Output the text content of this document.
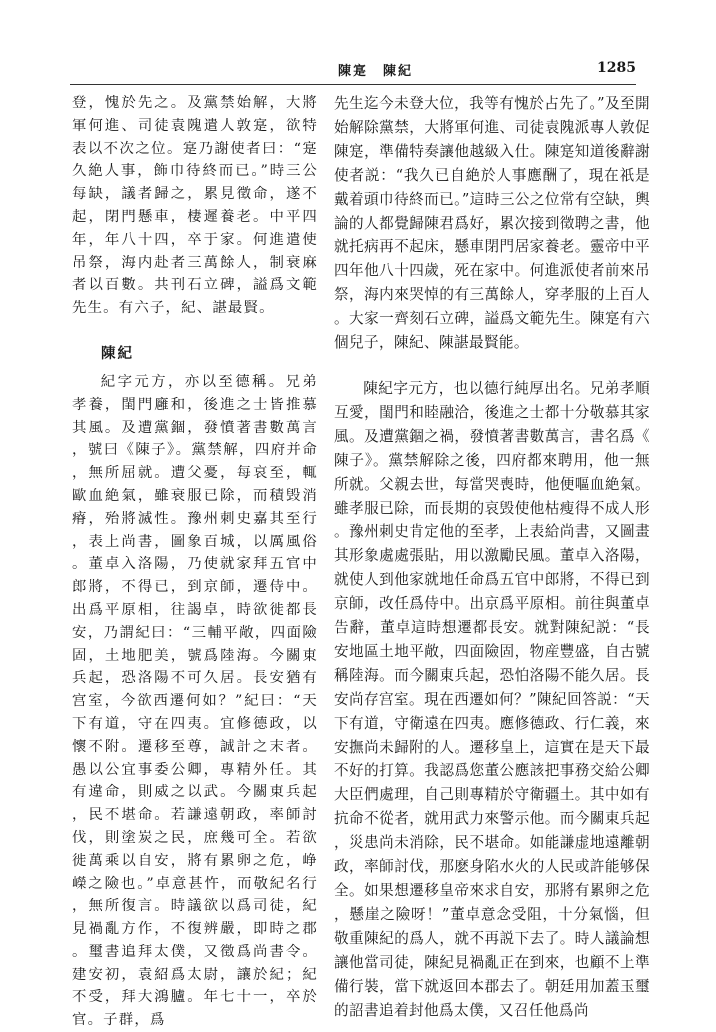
陳寔　陳紀	1285

登，愧於先之。及黨禁始解，大將軍何進、司徒袁隗遣人敦寔，欲特表以不次之位。寔乃謝使者曰：“寔久絶人事，飾巾待終而已。”時三公每缺，議者歸之，累見徵命，遂不起，閉門懸車，棲遲養老。中平四年，年八十四，卒于家。何進遣使吊祭，海内赴者三萬餘人，制衰麻者以百數。共刊石立碑，謚爲文範先生。有六子，紀、諶最賢。

陳紀

紀字元方，亦以至德稱。兄弟孝養，閨門廱和，後進之士皆推慕其風。及遭黨錮，發憤著書數萬言，號曰《陳子》。黨禁解，四府并命，無所屈就。遭父憂，每哀至，輒歐血絶氣，雖衰服已除，而積毁消瘠，殆將滅性。豫州刺史嘉其至行，表上尚書，圖象百城，以厲風俗。董卓入洛陽，乃使就家拜五官中郎將，不得已，到京師，遷侍中。出爲平原相，往謁卓，時欲徙都長安，乃謂紀曰：“三輔平敞，四面險固，土地肥美，號爲陸海。今關東兵起，恐洛陽不可久居。長安猶有宫室，今欲西遷何如？”紀曰：“天下有道，守在四夷。宜修德政，以懷不附。遷移至尊，誠計之末者。愚以公宜事委公卿，專精外任。其有違命，則威之以武。今關東兵起，民不堪命。若謙遠朝政，率師討伐，則塗炭之民，庶幾可全。若欲徙萬乘以自安，將有累卵之危，峥嶸之險也。”卓意甚忤，而敬紀名行，無所復言。時議欲以爲司徒，紀見禍亂方作，不復辨嚴，即時之郡。璽書追拜太僕，又徵爲尚書令。建安初，袁紹爲太尉，讓於紀；紀不受，拜大鴻臚。年七十一，卒於官。子群，爲

先生迄今未登大位，我等有愧於占先了。”及至開始解除黨禁，大將軍何進、司徒袁隗派專人敦促陳寔，準備特奏讓他越級入仕。陳寔知道後辭謝使者説：“我久已自絶於人事應酬了，現在祇是戴着頭巾待終而已。”這時三公之位常有空缺，輿論的人都覺歸陳君爲好，累次接到徵聘之書，他就托病再不起床，懸車閉門居家養老。靈帝中平四年他八十四歲，死在家中。何進派使者前來吊祭，海内來哭悼的有三萬餘人，穿孝服的上百人。大家一齊刻石立碑，謚爲文範先生。陳寔有六個兒子，陳紀、陳諶最賢能。

陳紀字元方，也以德行純厚出名。兄弟孝順互愛，閨門和睦融洽，後進之士都十分敬慕其家風。及遭黨錮之禍，發憤著書數萬言，書名爲《陳子》。黨禁解除之後，四府都來聘用，他一無所就。父親去世，每當哭喪時，他便嘔血絶氣。雖孝服已除，而長期的哀毁使他枯瘦得不成人形。豫州刺史肯定他的至孝，上表給尚書，又圖畫其形象處處張貼，用以激勵民風。董卓入洛陽，就使人到他家就地任命爲五官中郎將，不得已到京師，改任爲侍中。出京爲平原相。前往與董卓告辭，董卓這時想遷都長安。就對陳紀説：“長安地區土地平敞，四面險固，物産豐盛，自古號稱陸海。而今關東兵起，恐怕洛陽不能久居。長安尚存宫室。現在西遷如何？”陳紀回答説：“天下有道，守衛遠在四夷。應修德政、行仁義，來安撫尚未歸附的人。遷移皇上，這實在是天下最不好的打算。我認爲您董公應該把事務交給公卿大臣們處理，自己則專精於守衛疆土。其中如有抗命不從者，就用武力來警示他。而今關東兵起，災患尚未消除，民不堪命。如能謙虚地遠離朝政，率師討伐，那麽身陷水火的人民或許能够保全。如果想遷移皇帝來求自安，那將有累卵之危，懸崖之險呀！”董卓意念受阻，十分氣惱，但敬重陳紀的爲人，就不再説下去了。時人議論想讓他當司徒，陳紀見禍亂正在到來，也顧不上準備行裝，當下就返回本郡去了。朝廷用加蓋玉璽的詔書追着封他爲太僕，又召任他爲尚
